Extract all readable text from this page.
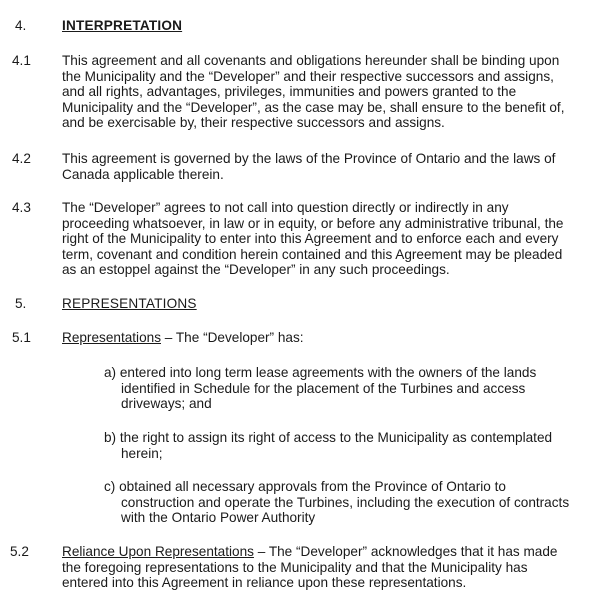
4.	INTERPRETATION
4.1 This agreement and all covenants and obligations hereunder shall be binding upon
the Municipality and the “Developer” and their respective successors and assigns,
and all rights, advantages, privileges, immunities and powers granted to the
Municipality and the “Developer”, as the case may be, shall ensure to the benefit of,
and be exercisable by, their respective successors and assigns.
4.2 This agreement is governed by the laws of the Province of Ontario and the laws of
Canada applicable therein.
4.3 The “Developer” agrees to not call into question directly or indirectly in any
proceeding whatsoever, in law or in equity, or before any administrative tribunal, the
right of the Municipality to enter into this Agreement and to enforce each and every
term, covenant and condition herein contained and this Agreement may be pleaded
as an estoppel against the “Developer” in any such proceedings.
5.	REPRESENTATIONS
5.1 Representations – The “Developer” has:
a) entered into long term lease agreements with the owners of the lands
identified in Schedule for the placement of the Turbines and access
driveways; and
b) the right to assign its right of access to the Municipality as contemplated
herein;
c) obtained all necessary approvals from the Province of Ontario to
construction and operate the Turbines, including the execution of contracts
with the Ontario Power Authority
5.2 Reliance Upon Representations – The “Developer” acknowledges that it has made
the foregoing representations to the Municipality and that the Municipality has
entered into this Agreement in reliance upon these representations.
